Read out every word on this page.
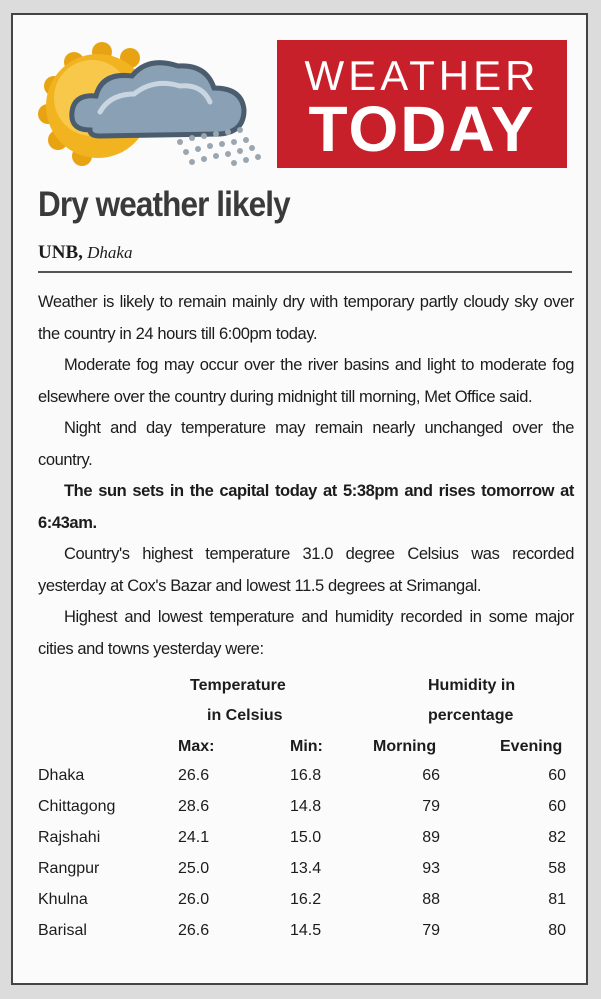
WEATHER
TODAY
Dry weather likely
UNB, Dhaka

Weather is likely to remain mainly dry with temporary partly cloudy sky over the country in 24 hours till 6:00pm today.

Moderate fog may occur over the river basins and light to moderate fog elsewhere over the country during midnight till morning, Met Office said.

Night and day temperature may remain nearly unchanged over the country.

The sun sets in the capital today at 5:38pm and rises tomorrow at 6:43am.

Country's highest temperature 31.0 degree Celsius was recorded yesterday at Cox's Bazar and lowest 11.5 degrees at Srimangal.

Highest and lowest temperature and humidity recorded in some major cities and towns yesterday were:

Temperature
in Celsius
Humidity in
percentage
Max:	Min:	Morning	Evening
Dhaka	26.6	16.8	66	60
Chittagong	28.6	14.8	79	60
Rajshahi	24.1	15.0	89	82
Rangpur	25.0	13.4	93	58
Khulna	26.0	16.2	88	81
Barisal	26.6	14.5	79	80
